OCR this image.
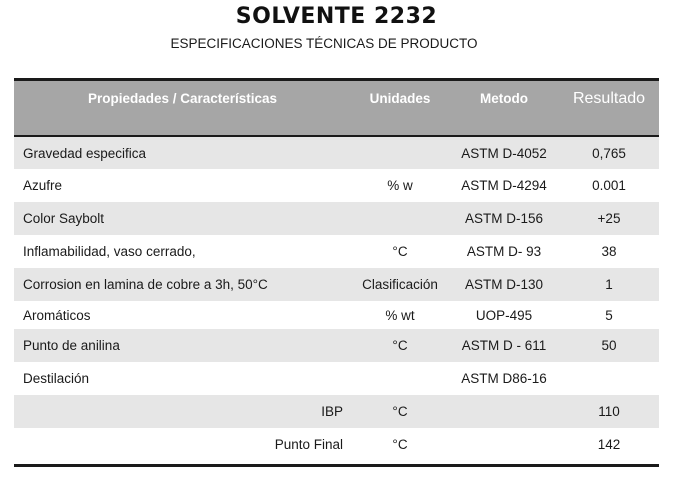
SOLVENTE 2232
ESPECIFICACIONES TÉCNICAS DE PRODUCTO
Propiedades / Características	Unidades	Metodo	Resultado
Gravedad especifica		ASTM D-4052	0,765
Azufre	% w	ASTM D-4294	0.001
Color Saybolt		ASTM D-156	+25
Inflamabilidad, vaso cerrado,	°C	ASTM D- 93	38
Corrosion en lamina de cobre a 3h, 50°C	Clasificación	ASTM D-130	1
Aromáticos	% wt	UOP-495	5
Punto de anilina	°C	ASTM D - 611	50
Destilación		ASTM D86-16	
IBP	°C		110
Punto Final	°C		142
